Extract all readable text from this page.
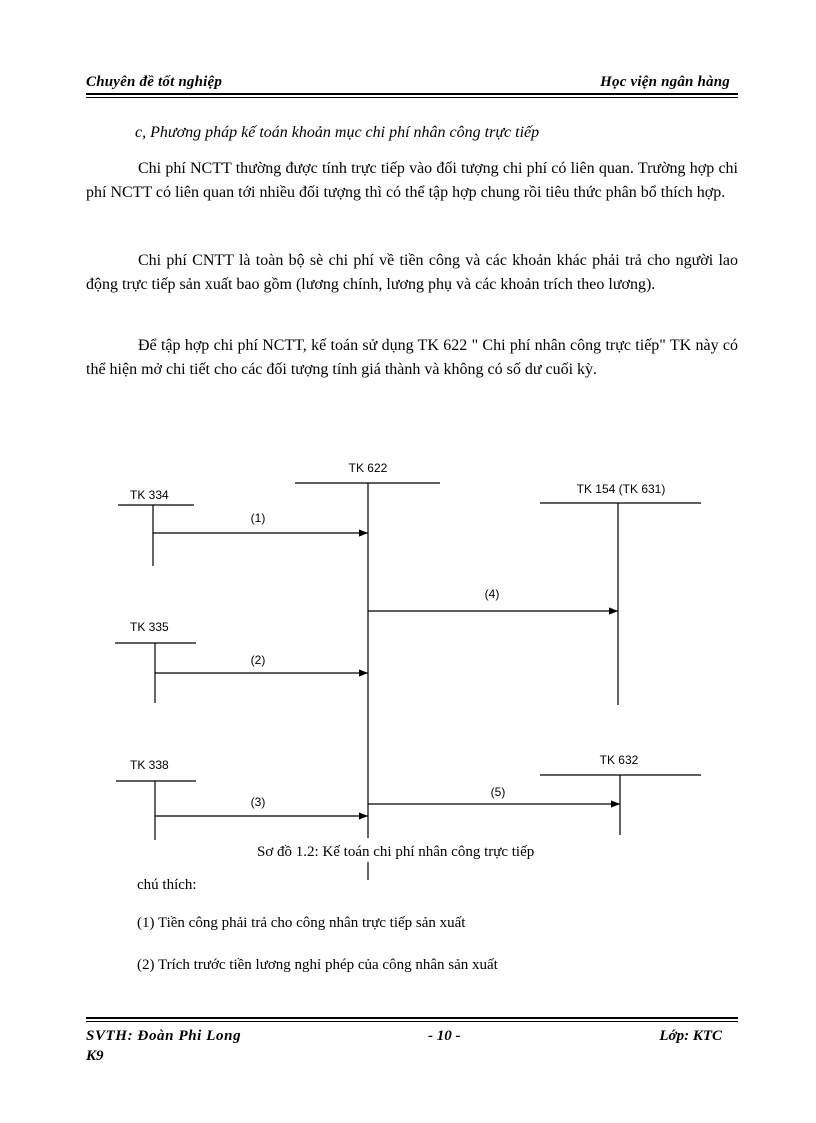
Chuyên đề tốt nghiệp	Học viện ngân hàng
c, Phương pháp kế toán khoản mục chi phí nhân công trực tiếp

Chi phí NCTT thường được tính trực tiếp vào đối tượng chi phí có liên quan. Trường hợp chi phí NCTT có liên quan tới nhiều đối tượng thì có thể tập hợp chung rồi tiêu thức phân bổ thích hợp.

Chi phí CNTT là toàn bộ sè chi phí về tiền công và các khoản khác phải trả cho người lao động trực tiếp sản xuất bao gồm (lương chính, lương phụ và các khoản trích theo lương).

Để tập hợp chi phí NCTT, kế toán sử dụng TK 622 " Chi phí nhân công trực tiếp" TK này có thể hiện mở chi tiết cho các đối tượng tính giá thành và không có số dư cuối kỳ.

TK 622
TK 334
(1)
TK 335
(2)
TK 338
(3)
TK 154 (TK 631)
(4)
TK 632
(5)
Sơ đồ 1.2: Kế toán chi phí nhân công trực tiếp
chú thích:
(1) Tiền công phải trả cho công nhân trực tiếp sản xuất
(2) Trích trước tiền lương nghỉ phép của công nhân sản xuất
SVTH: Đoàn Phi Long
K9
- 10 -	Lớp: KTC
